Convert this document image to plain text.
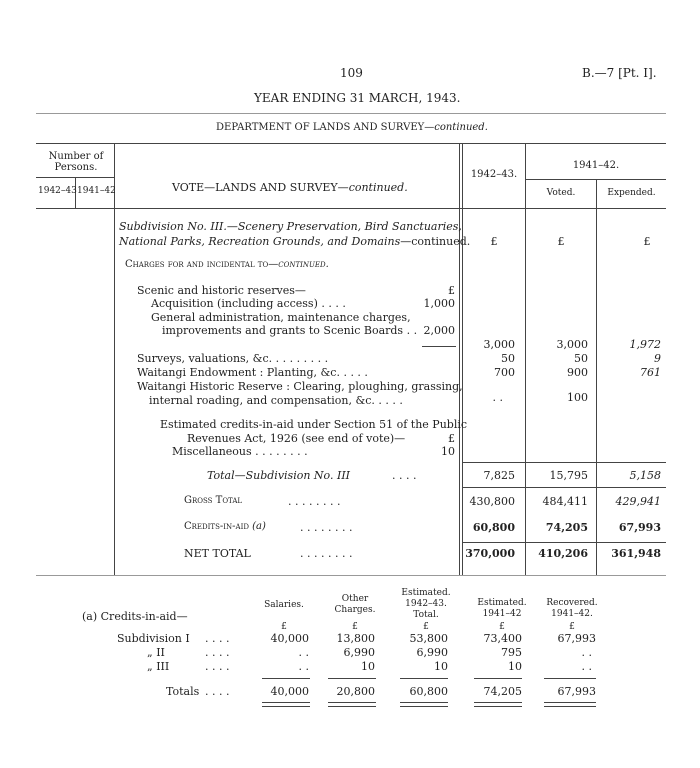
109	B.—7 [Pt. I].
YEAR ENDING 31 MARCH, 1943.
DEPARTMENT OF LANDS AND SURVEY—continued.
Number of Persons.
1942–43 1941–42	VOTE—LANDS AND SURVEY—continued.
1942–43.
1941–42.
Voted.	Expended.
Subdivision No. III.—Scenery Preservation, Bird Sanctuaries,
National Parks, Recreation Grounds, and Domains—continued.	£	£	£
Charges for and incidental to—continued.
Scenic and historic reserves—	£
Acquisition (including access) . . . .	1,000
General administration, maintenance charges,
improvements and grants to Scenic Boards . . 2,000
3,000	3,000	1,972
Surveys, valuations, &c. . . . . . . . .	50	50	9
Waitangi Endowment : Planting, &c. . . . .	700	900	761
Waitangi Historic Reserve : Clearing, ploughing, grassing,
internal roading, and compensation, &c. . . . .	. .	100
Estimated credits-in-aid under Section 51 of the Public
Revenues Act, 1926 (see end of vote)—	£
Miscellaneous . . . . . . . .	10
Total—Subdivision No. III	. . . .	7,825	15,795	5,158
Gross Total	. . . . . . . .	430,800	484,411	429,941
Credits-in-aid (a)	. . . . . . . .	60,800	74,205	67,993
NET TOTAL	. . . . . . . .	370,000	410,206	361,948
(a) Credits-in-aid—
Salaries.
Other
Charges.
Estimated.
1942–43.
Total.
Estimated.
1941–42
Recovered.
1941–42.
£	£	£	£	£
Subdivision I . . . .	40,000	13,800	53,800	73,400	67,993
„ II	. . . .	. .	6,990	6,990	795	. .
„ III	. . . .	. .	10	10	10	. .
Totals . . . .	40,000	20,800	60,800	74,205	67,993
